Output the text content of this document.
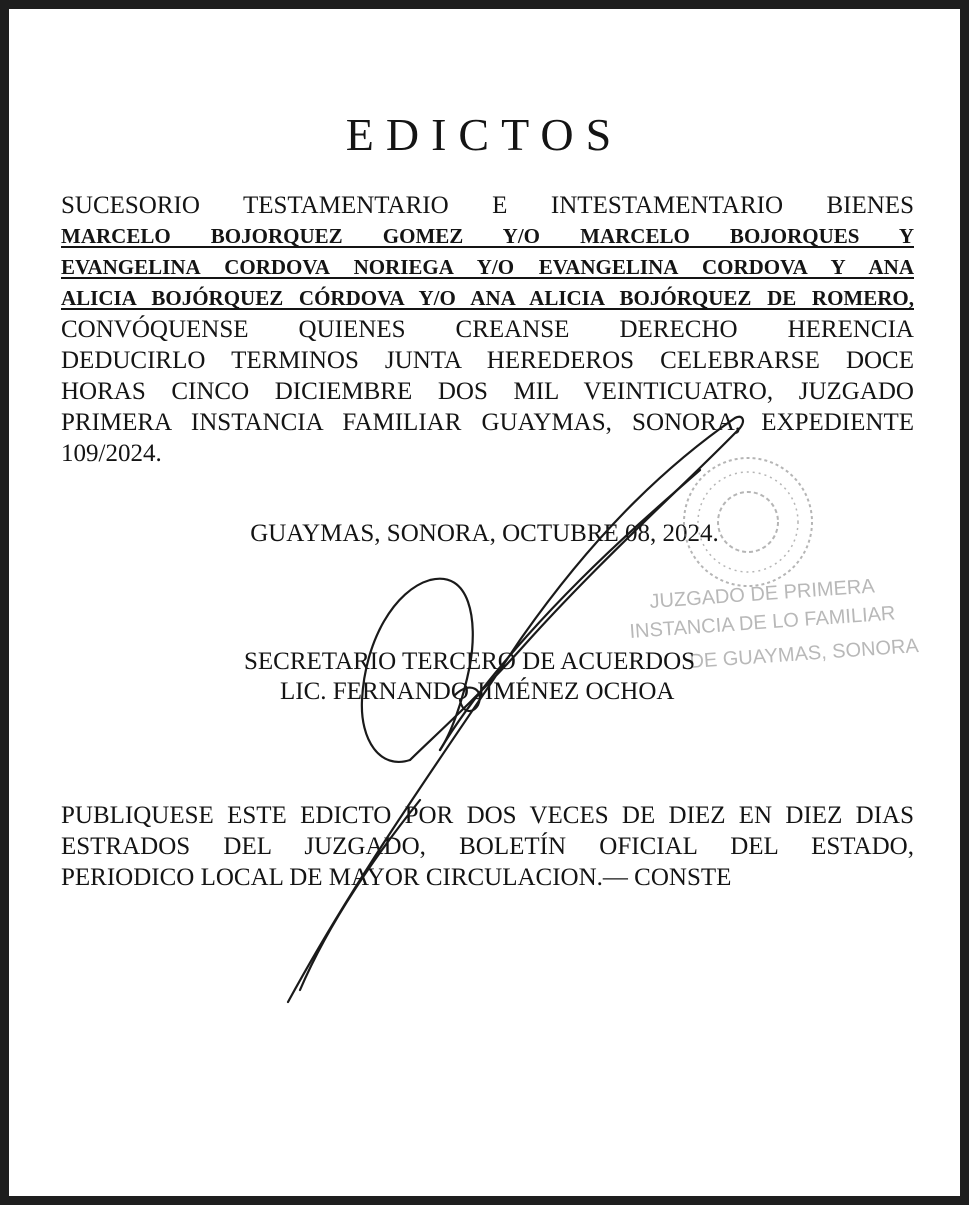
EDICTOS
SUCESORIO TESTAMENTARIO E INTESTAMENTARIO BIENES
MARCELO BOJORQUEZ GOMEZ Y/O MARCELO BOJORQUES Y
EVANGELINA CORDOVA NORIEGA Y/O EVANGELINA CORDOVA Y ANA
ALICIA BOJÓRQUEZ CÓRDOVA Y/O ANA ALICIA BOJÓRQUEZ DE ROMERO,
CONVÓQUENSE QUIENES CREANSE DERECHO HERENCIA
DEDUCIRLO TERMINOS JUNTA HEREDEROS CELEBRARSE DOCE
HORAS CINCO DICIEMBRE DOS MIL VEINTICUATRO, JUZGADO
PRIMERA INSTANCIA FAMILIAR GUAYMAS, SONORA, EXPEDIENTE
109/2024.
GUAYMAS, SONORA, OCTUBRE 08, 2024.
JUZGADO DE PRIMERA
INSTANCIA DE LO FAMILIAR
DE GUAYMAS, SONORA
SECRETARIO TERCERO DE ACUERDOS
LIC. FERNANDO JIMÉNEZ OCHOA
PUBLIQUESE ESTE EDICTO POR DOS VECES DE DIEZ EN DIEZ DIAS
ESTRADOS DEL JUZGADO, BOLETÍN OFICIAL DEL ESTADO,
PERIODICO LOCAL DE MAYOR CIRCULACION.— CONSTE
